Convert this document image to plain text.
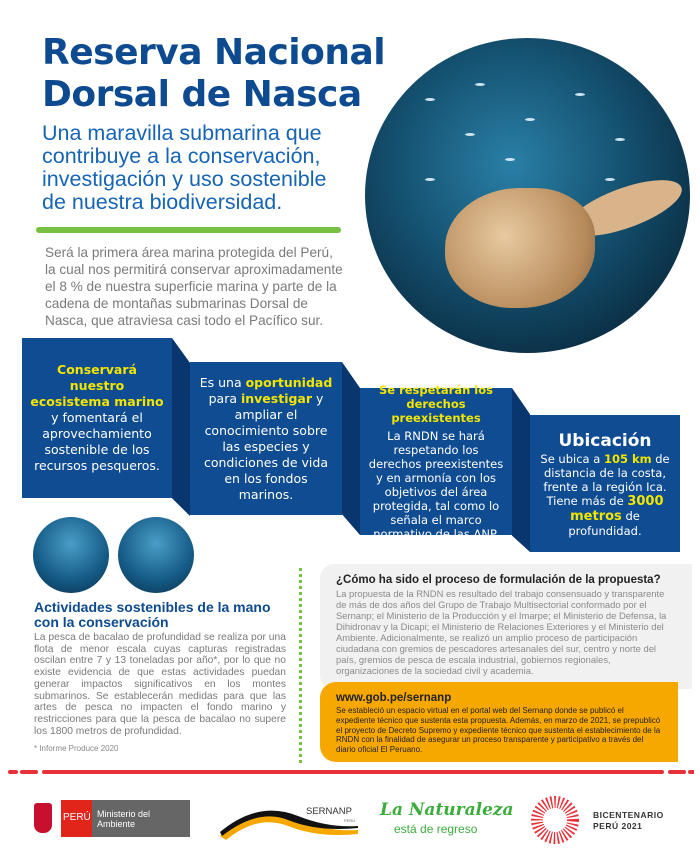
Reserva Nacional
Dorsal de Nasca
Una maravilla submarina que contribuye a la conservación, investigación y uso sostenible de nuestra biodiversidad.
Será la primera área marina protegida del Perú, la cual nos permitirá conservar aproximadamente el 8 % de nuestra superficie marina y parte de la cadena de montañas submarinas Dorsal de Nasca, que atraviesa casi todo el Pacífico sur.
Conservará nuestro ecosistema marino
y fomentará el aprovechamiento sostenible de los recursos pesqueros.
Es una oportunidad para investigar y ampliar el conocimiento sobre las especies y condiciones de vida en los fondos marinos.
Se respetarán los derechos preexistentes
La RNDN se hará respetando los derechos preexistentes y en armonía con los objetivos del área protegida, tal como lo señala el marco normativo de las ANP.
Ubicación
Se ubica a 105 km de distancia de la costa, frente a la región Ica. Tiene más de 3000 metros de profundidad.
Actividades sostenibles de la mano con la conservación
La pesca de bacalao de profundidad se realiza por una flota de menor escala cuyas capturas registradas oscilan entre 7 y 13 toneladas por año*, por lo que no existe evidencia de que estas actividades puedan generar impactos significativos en los montes submarinos. Se establecerán medidas para que las artes de pesca no impacten el fondo marino y restricciones para que la pesca de bacalao no supere los 1800 metros de profundidad.
* Informe Produce 2020
¿Cómo ha sido el proceso de formulación de la propuesta?

La propuesta de la RNDN es resultado del trabajo consensuado y transparente de más de dos años del Grupo de Trabajo Multisectorial conformado por el Sernanp; el Ministerio de la Producción y el Imarpe; el Ministerio de Defensa, la Dihidronav y la Dicapi; el Ministerio de Relaciones Exteriores y el Ministerio del Ambiente. Adicionalmente, se realizó un amplio proceso de participación ciudadana con gremios de pescadores artesanales del sur, centro y norte del país, gremios de pesca de escala industrial, gobiernos regionales, organizaciones de la sociedad civil y academia.

www.gob.pe/sernanp

Se estableció un espacio virtual en el portal web del Sernanp donde se publicó el expediente técnico que sustenta esta propuesta. Además, en marzo de 2021, se prepublicó el proyecto de Decreto Supremo y expediente técnico que sustenta el establecimiento de la RNDN con la finalidad de asegurar un proceso transparente y participativo a través del diario oficial El Peruano.

PERÚ Ministerio del Ambiente
SERNANP
PERÚ
La Naturaleza
está de regreso
BICENTENARIO
PERÚ 2021
